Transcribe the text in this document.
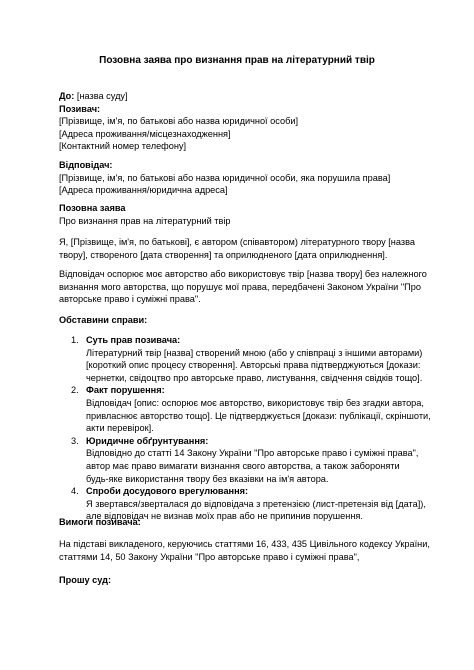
Позовна заява про визнання прав на літературний твір
До: [назва суду]
Позивач:
[Прізвище, ім'я, по батькові або назва юридичної особи]
[Адреса проживання/місцезнаходження]
[Контактний номер телефону]
Відповідач:
[Прізвище, ім'я, по батькові або назва юридичної особи, яка порушила права]
[Адреса проживання/юридична адреса]
Позовна заява
Про визнання прав на літературний твір
Я, [Прізвище, ім'я, по батькові], є автором (співавтором) літературного твору [назва
твору], створеного [дата створення] та оприлюдненого [дата оприлюднення].
Відповідач оспорює моє авторство або використовує твір [назва твору] без належного
визнання мого авторства, що порушує мої права, передбачені Законом України "Про
авторське право і суміжні права".
Обставини справи:
1. Суть прав позивача:
Літературний твір [назва] створений мною (або у співпраці з іншими авторами)
[короткий опис процесу створення]. Авторські права підтверджуються [докази:
чернетки, свідоцтво про авторське право, листування, свідчення свідків тощо].
2. Факт порушення:
Відповідач [опис: оспорює моє авторство, використовує твір без згадки автора,
привласнює авторство тощо]. Це підтверджується [докази: публікації, скріншоти,
акти перевірок].
3. Юридичне обґрунтування:
Відповідно до статті 14 Закону України "Про авторське право і суміжні права",
автор має право вимагати визнання свого авторства, а також забороняти
будь-яке використання твору без вказівки на ім'я автора.
4. Спроби досудового врегулювання:
Я звертався/зверталася до відповідача з претензією (лист-претензія від [дата]),
але відповідач не визнав моїх прав або не припинив порушення.
Вимоги позивача:
На підставі викладеного, керуючись статтями 16, 433, 435 Цивільного кодексу України,
статтями 14, 50 Закону України "Про авторське право і суміжні права",
Прошу суд:
